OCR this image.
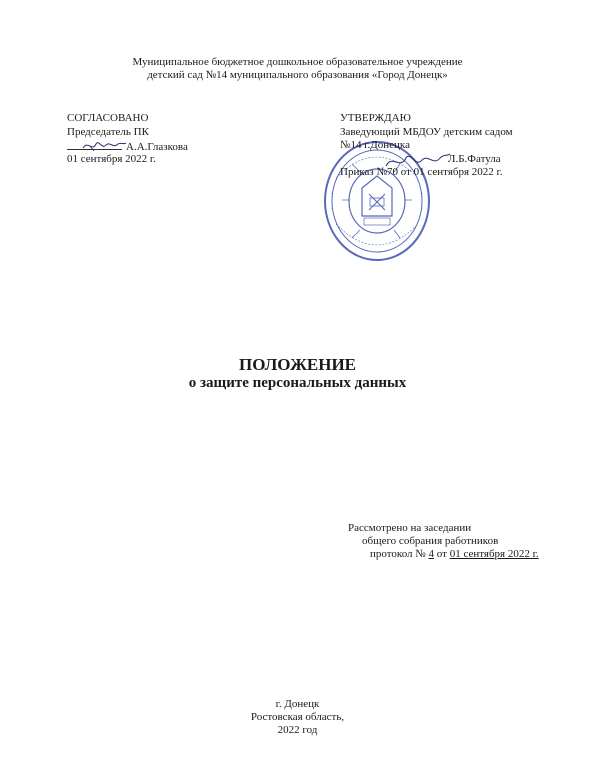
Муниципальное бюджетное дошкольное образовательное учреждение
детский сад №14 муниципального образования «Город Донецк»
СОГЛАСОВАНО
Председатель ПК
А.А.Глазкова
01 сентября 2022 г.
УТВЕРЖДАЮ
Заведующий МБДОУ детским садом
№14 г.Донецка
Л.Б.Фатула
Приказ №70 от 01 сентября 2022 г.
ПОЛОЖЕНИЕ
о защите персональных данных
Рассмотрено на заседании
общего собрания работников
протокол № 4 от 01 сентября 2022 г.
г. Донецк
Ростовская область,
2022 год
